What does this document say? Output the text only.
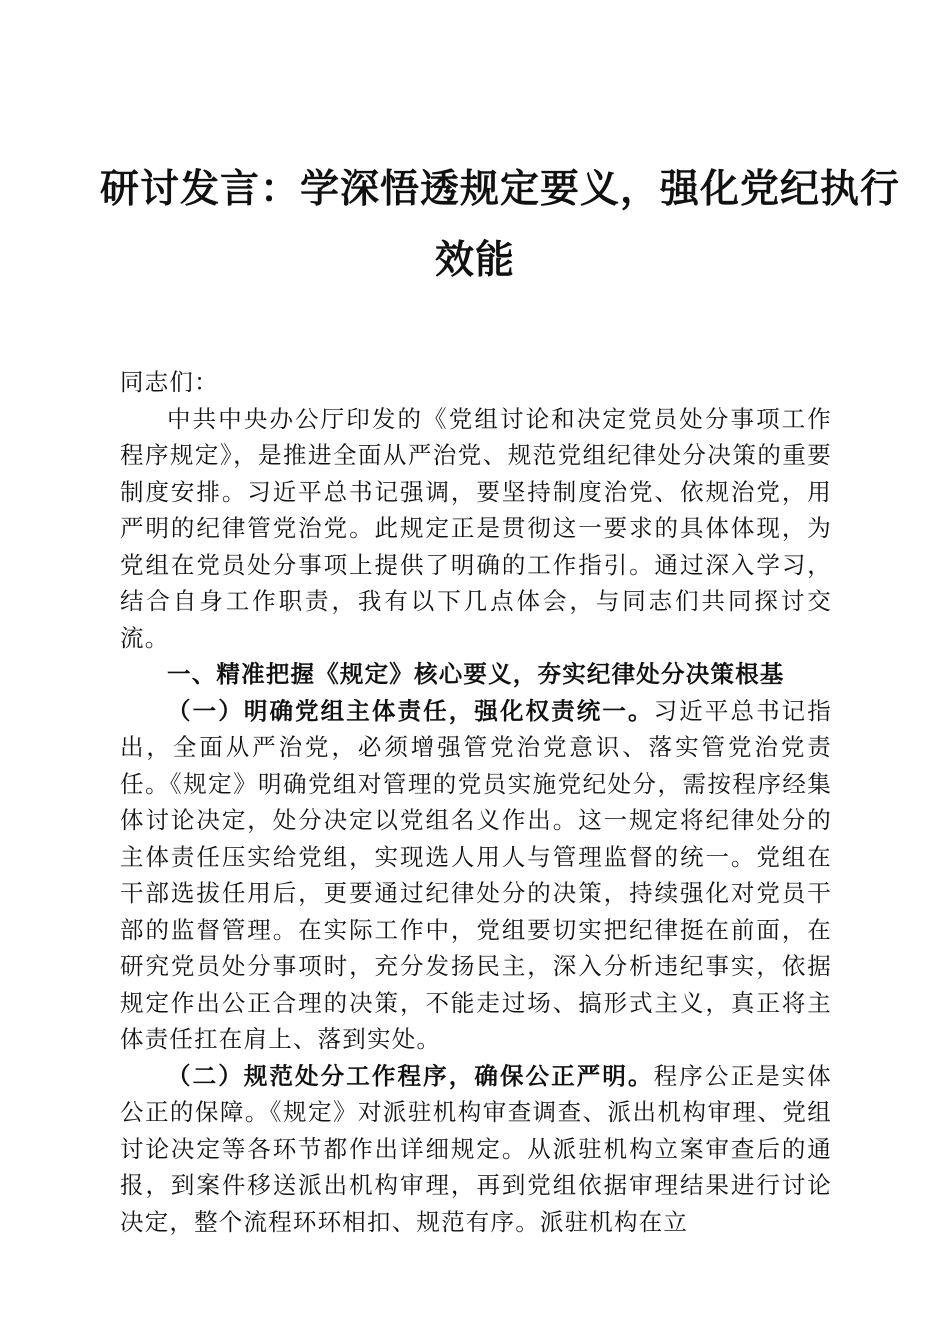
研讨发言：学深悟透规定要义，强化党纪执行
效能

同志们：

中共中央办公厅印发的《党组讨论和决定党员处分事项工作程序规定》，是推进全面从严治党、规范党组纪律处分决策的重要制度安排。习近平总书记强调，要坚持制度治党、依规治党，用严明的纪律管党治党。此规定正是贯彻这一要求的具体体现，为党组在党员处分事项上提供了明确的工作指引。通过深入学习，结合自身工作职责，我有以下几点体会，与同志们共同探讨交流。

一、精准把握《规定》核心要义，夯实纪律处分决策根基

（一）明确党组主体责任，强化权责统一。习近平总书记指出，全面从严治党，必须增强管党治党意识、落实管党治党责任。《规定》明确党组对管理的党员实施党纪处分，需按程序经集体讨论决定，处分决定以党组名义作出。这一规定将纪律处分的主体责任压实给党组，实现选人用人与管理监督的统一。党组在干部选拔任用后，更要通过纪律处分的决策，持续强化对党员干部的监督管理。在实际工作中，党组要切实把纪律挺在前面，在研究党员处分事项时，充分发扬民主，深入分析违纪事实，依据规定作出公正合理的决策，不能走过场、搞形式主义，真正将主体责任扛在肩上、落到实处。

（二）规范处分工作程序，确保公正严明。程序公正是实体公正的保障。《规定》对派驻机构审查调查、派出机构审理、党组讨论决定等各环节都作出详细规定。从派驻机构立案审查后的通报，到案件移送派出机构审理，再到党组依据审理结果进行讨论决定，整个流程环环相扣、规范有序。派驻机构在立
